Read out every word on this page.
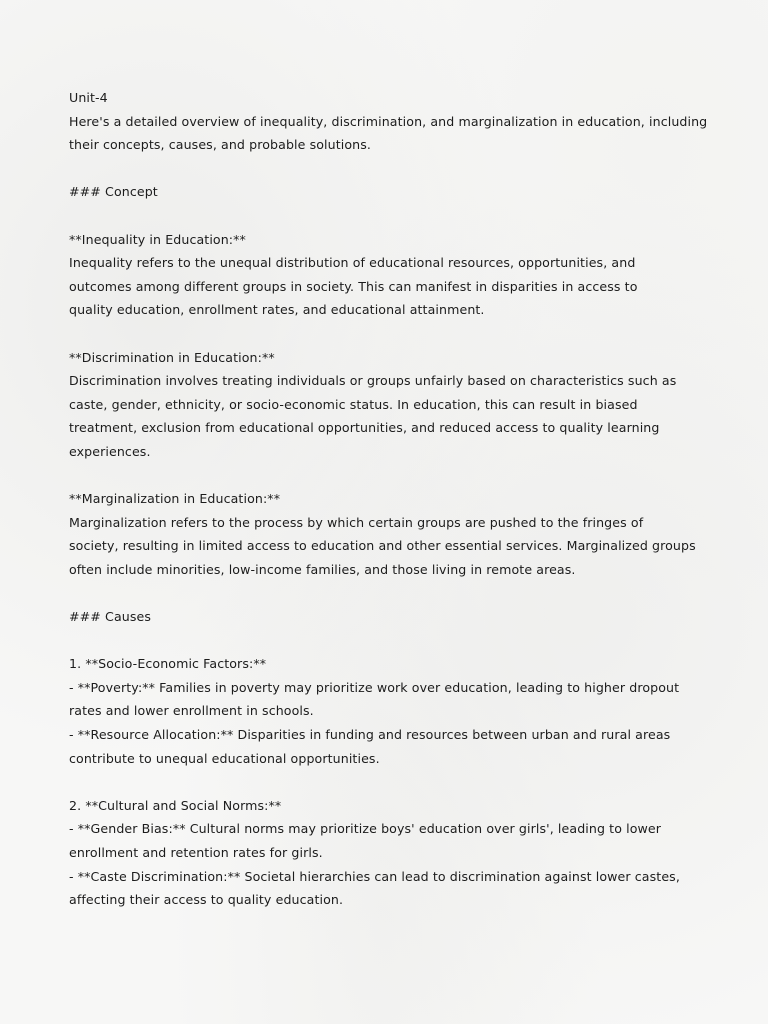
Unit-4
Here's a detailed overview of inequality, discrimination, and marginalization in education, including
their concepts, causes, and probable solutions.
### Concept
**Inequality in Education:**
Inequality refers to the unequal distribution of educational resources, opportunities, and
outcomes among different groups in society. This can manifest in disparities in access to
quality education, enrollment rates, and educational attainment.
**Discrimination in Education:**
Discrimination involves treating individuals or groups unfairly based on characteristics such as
caste, gender, ethnicity, or socio-economic status. In education, this can result in biased
treatment, exclusion from educational opportunities, and reduced access to quality learning
experiences.
**Marginalization in Education:**
Marginalization refers to the process by which certain groups are pushed to the fringes of
society, resulting in limited access to education and other essential services. Marginalized groups
often include minorities, low-income families, and those living in remote areas.
### Causes
1. **Socio-Economic Factors:**
- **Poverty:** Families in poverty may prioritize work over education, leading to higher dropout
rates and lower enrollment in schools.
- **Resource Allocation:** Disparities in funding and resources between urban and rural areas
contribute to unequal educational opportunities.
2. **Cultural and Social Norms:**
- **Gender Bias:** Cultural norms may prioritize boys' education over girls', leading to lower
enrollment and retention rates for girls.
- **Caste Discrimination:** Societal hierarchies can lead to discrimination against lower castes,
affecting their access to quality education.
